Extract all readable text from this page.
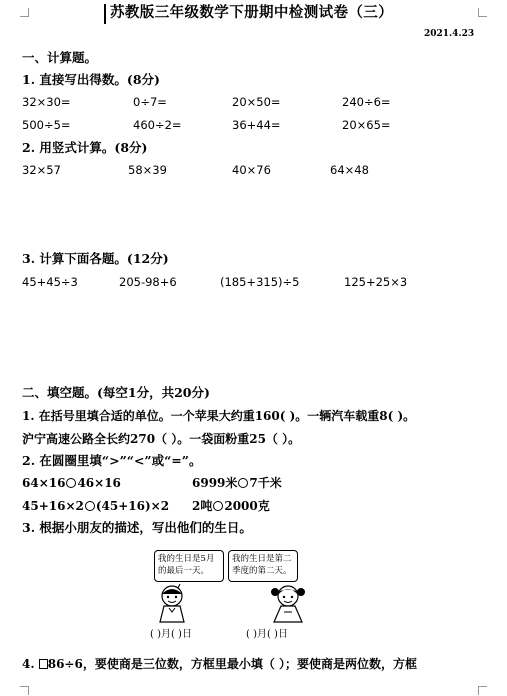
苏教版三年级数学下册期中检测试卷（三）
2021.4.23
一、计算题。
1. 直接写出得数。(8分)
32×30=	0÷7=	20×50=	240÷6=
500÷5=	460÷2=	36+44=	20×65=
2. 用竖式计算。(8分)
32×57	58×39	40×76	64×48
3. 计算下面各题。(12分)
45+45÷3	205-98+6	(185+315)÷5	125+25×3
二、填空题。(每空1分，共20分)
1. 在括号里填合适的单位。一个苹果大约重160( )。一辆汽车载重8( )。
沪宁高速公路全长约270（ ）。一袋面粉重25（ ）。
2. 在圆圈里填“>”“<”或“=”。
64×16 46×16	6999米 7千米
45+16×2 (45+16)×2 2吨 2000克
3. 根据小朋友的描述，写出他们的生日。
我的生日是5月的最后一天。
我的生日是第二季度的第二天。
( )月( )日	( )月( )日
4. 86÷6，要使商是三位数，方框里最小填（ ）；要使商是两位数，方框
